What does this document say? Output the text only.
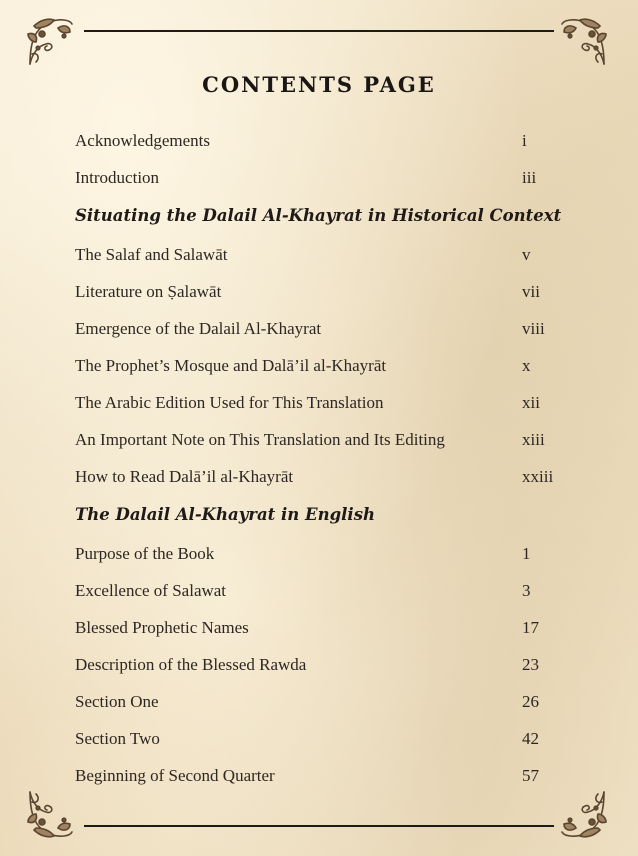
CONTENTS PAGE
Acknowledgements	i
Introduction	iii
Situating the Dalail Al-Khayrat in Historical Context
The Salaf and Salawāt	v
Literature on Ṣalawāt	vii
Emergence of the Dalail Al-Khayrat	viii
The Prophet’s Mosque and Dalā’il al-Khayrāt	x
The Arabic Edition Used for This Translation	xii
An Important Note on This Translation and Its Editing	xiii
How to Read Dalā’il al-Khayrāt	xxiii
The Dalail Al-Khayrat in English
Purpose of the Book	1
Excellence of Salawat	3
Blessed Prophetic Names	17
Description of the Blessed Rawda	23
Section One	26
Section Two	42
Beginning of Second Quarter	57
